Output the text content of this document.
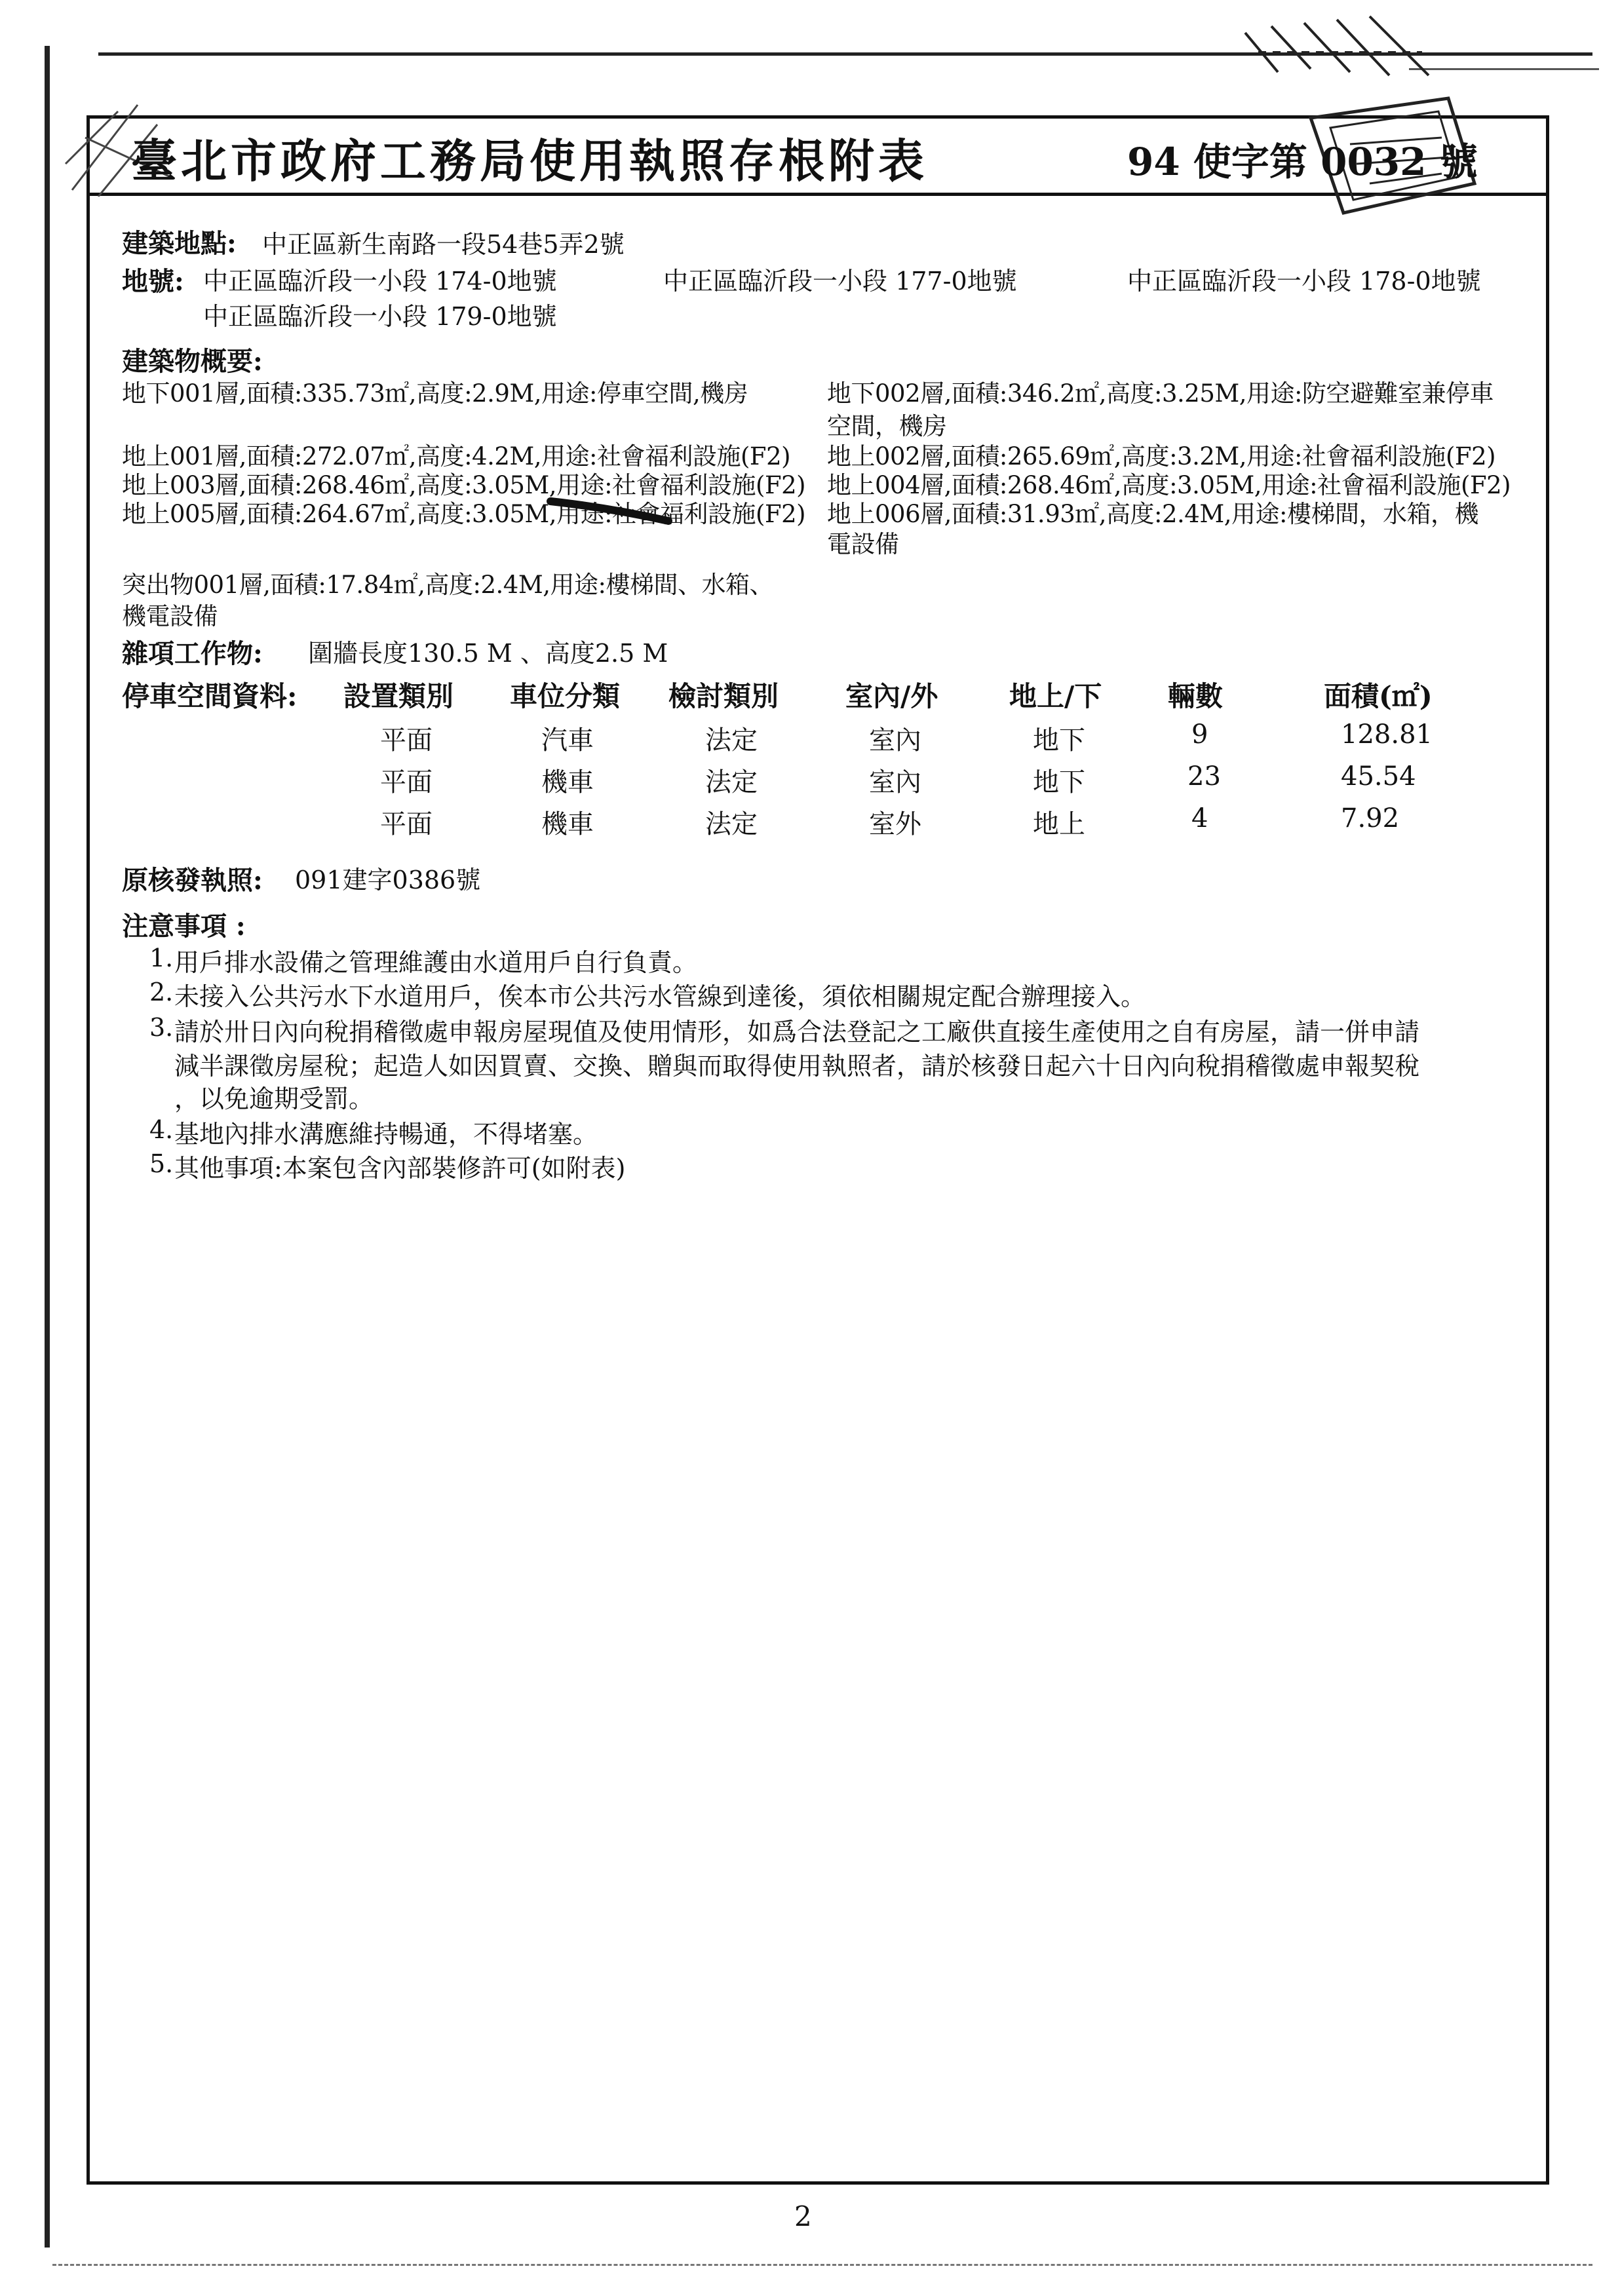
臺北市政府工務局使用執照存根附表	94 使字第 0032 號
建築地點: 中正區新生南路一段54巷5弄2號
地號: 中正區臨沂段一小段 174-0地號	中正區臨沂段一小段 177-0地號	中正區臨沂段一小段 178-0地號
中正區臨沂段一小段 179-0地號
建築物概要:
地下001層,面積:335.73㎡,高度:2.9M,用途:停車空間,機房	地下002層,面積:346.2㎡,高度:3.25M,用途:防空避難室兼停車
空間，機房
地上001層,面積:272.07㎡,高度:4.2M,用途:社會福利設施(F2) 地上002層,面積:265.69㎡,高度:3.2M,用途:社會福利設施(F2)
地上003層,面積:268.46㎡,高度:3.05M,用途:社會福利設施(F2) 地上004層,面積:268.46㎡,高度:3.05M,用途:社會福利設施(F2)
地上005層,面積:264.67㎡,高度:3.05M,用途:社會福利設施(F2) 地上006層,面積:31.93㎡,高度:2.4M,用途:樓梯間，水箱，機
電設備
突出物001層,面積:17.84㎡,高度:2.4M,用途:樓梯間、水箱、
機電設備
雜項工作物: 圍牆長度130.5 M 、高度2.5 M
停車空間資料: 設置類別 車位分類 檢討類別 室內/外	地上/下 輛數	面積(㎡)
平面	汽車	法定	室內	地下	9	128.81
平面	機車	法定	室內	地下	23	45.54
平面	機車	法定	室外	地上	4	7.92
原核發執照: 091建字0386號
注意事項 :
1. 用戶排水設備之管理維護由水道用戶自行負責。
2. 未接入公共污水下水道用戶，俟本市公共污水管線到達後，須依相關規定配合辦理接入。
3. 請於卅日內向稅捐稽徵處申報房屋現值及使用情形，如爲合法登記之工廠供直接生產使用之自有房屋，請一併申請
減半課徵房屋稅；起造人如因買賣、交換、贈與而取得使用執照者，請於核發日起六十日內向稅捐稽徵處申報契稅
，以免逾期受罰。
4. 基地內排水溝應維持暢通，不得堵塞。
5. 其他事項:本案包含內部裝修許可(如附表)
2
